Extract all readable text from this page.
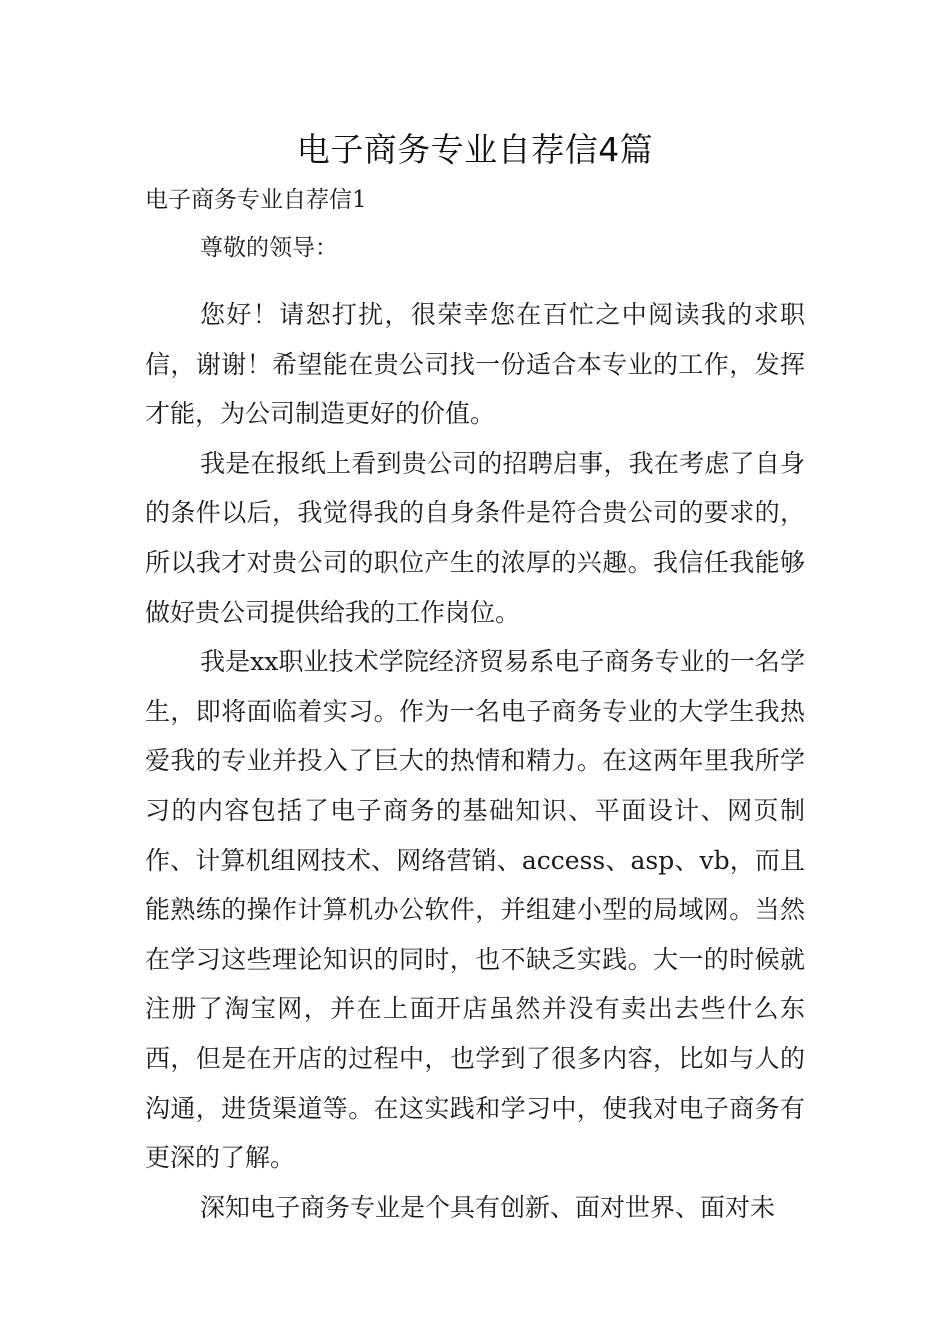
电子商务专业自荐信4篇
电子商务专业自荐信1

尊敬的领导：

您好！请恕打扰，很荣幸您在百忙之中阅读我的求职信，谢谢！希望能在贵公司找一份适合本专业的工作，发挥才能，为公司制造更好的价值。

我是在报纸上看到贵公司的招聘启事，我在考虑了自身的条件以后，我觉得我的自身条件是符合贵公司的要求的，所以我才对贵公司的职位产生的浓厚的兴趣。我信任我能够做好贵公司提供给我的工作岗位。

我是xx职业技术学院经济贸易系电子商务专业的一名学生，即将面临着实习。作为一名电子商务专业的大学生我热爱我的专业并投入了巨大的热情和精力。在这两年里我所学习的内容包括了电子商务的基础知识、平面设计、网页制作、计算机组网技术、网络营销、access、asp、vb，而且能熟练的操作计算机办公软件，并组建小型的局域网。当然在学习这些理论知识的同时，也不缺乏实践。大一的时候就注册了淘宝网，并在上面开店虽然并没有卖出去些什么东西，但是在开店的过程中，也学到了很多内容，比如与人的沟通，进货渠道等。在这实践和学习中，使我对电子商务有更深的了解。

深知电子商务专业是个具有创新、面对世界、面对未
